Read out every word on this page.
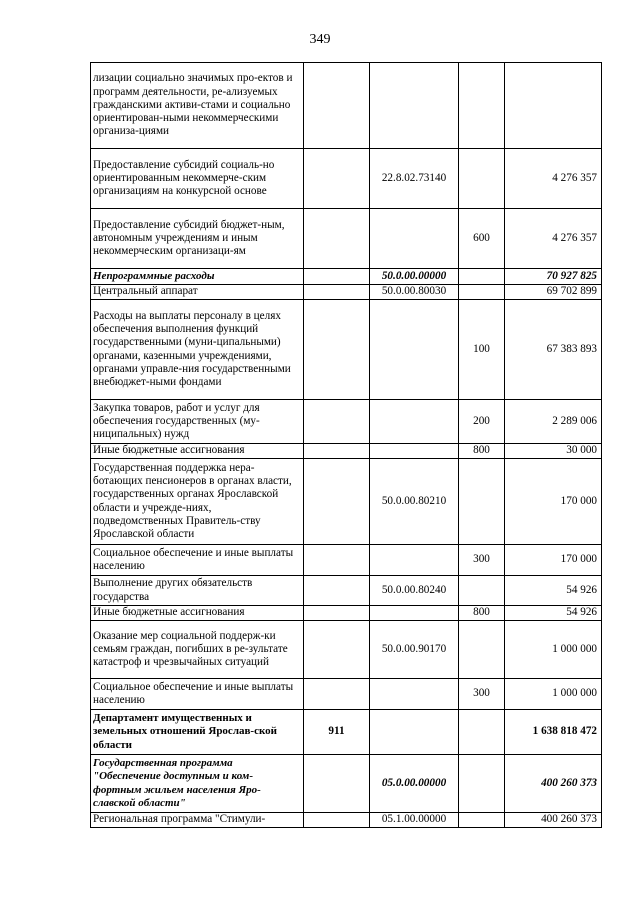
349
лизации социально значимых про-ектов и программ деятельности, ре-ализуемых гражданскими активи-стами и социально ориентирован-ными некоммерческими организа-циями				
Предоставление субсидий социаль-но ориентированным некоммерче-ским организациям на конкурсной основе		22.8.02.73140		4 276 357
Предоставление субсидий бюджет-ным, автономным учреждениям и иным некоммерческим организаци-ям			600	4 276 357
Непрограммные расходы		50.0.00.00000		70 927 825
Центральный аппарат		50.0.00.80030		69 702 899
Расходы на выплаты персоналу в целях обеспечения выполнения функций государственными (муни-ципальными) органами, казенными учреждениями, органами управле-ния государственными внебюджет-ными фондами			100	67 383 893
Закупка товаров, работ и услуг для обеспечения государственных (му-ниципальных) нужд			200	2 289 006
Иные бюджетные ассигнования			800	30 000
Государственная поддержка нера-ботающих пенсионеров в органах власти, государственных органах Ярославской области и учрежде-ниях, подведомственных Правитель-ству Ярославской области		50.0.00.80210		170 000
Социальное обеспечение и иные выплаты населению			300	170 000
Выполнение других обязательств государства		50.0.00.80240		54 926
Иные бюджетные ассигнования			800	54 926
Оказание мер социальной поддерж-ки семьям граждан, погибших в ре-зультате катастроф и чрезвычайных ситуаций		50.0.00.90170		1 000 000
Социальное обеспечение и иные выплаты населению			300	1 000 000
Департамент имущественных и земельных отношений Ярослав-ской области	911			1 638 818 472
Государственная программа "Обеспечение доступным и ком-фортным жильем населения Яро-славской области"		05.0.00.00000		400 260 373
Региональная программа "Стимули-		05.1.00.00000		400 260 373
